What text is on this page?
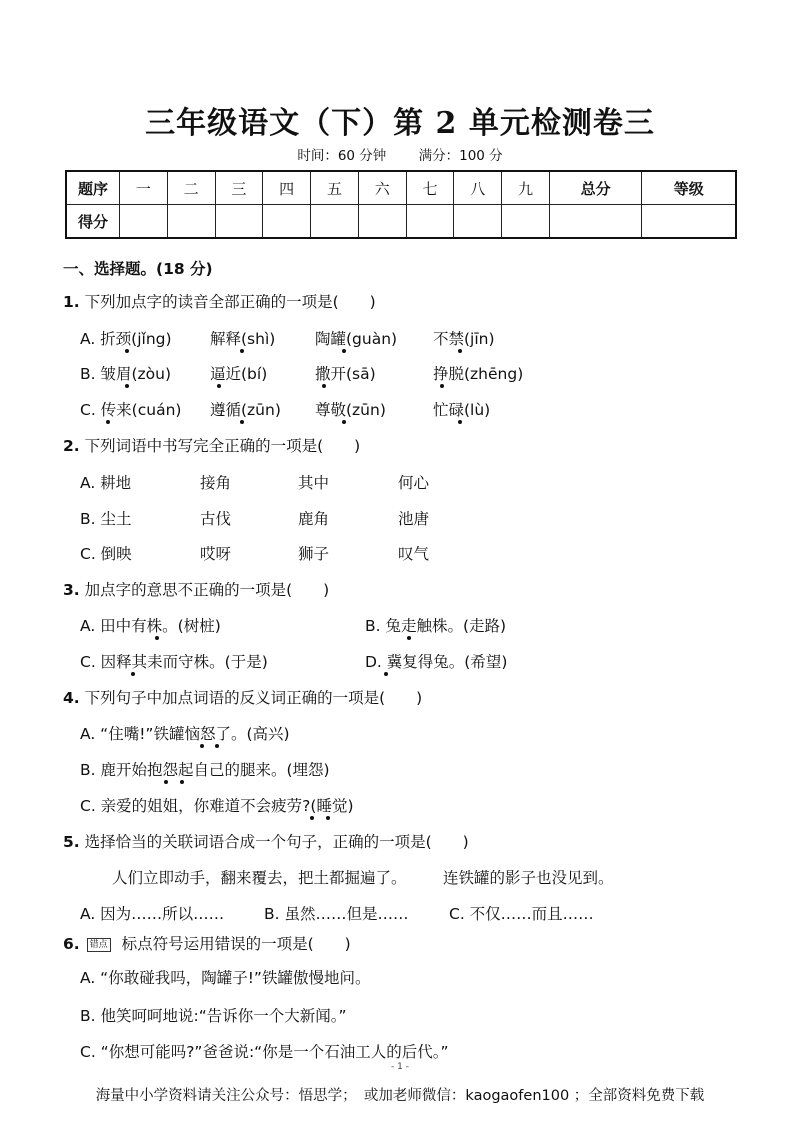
三年级语文（下）第 2 单元检测卷三
时间：60 分钟 满分：100 分
题序	一	二	三	四	五	六	七	八	九	总分	等级
得分											
一、选择题。(18 分)
1. 下列加点字的读音全部正确的一项是(　　)
A. 折颈(jǐng) 解释(shì)	陶罐(guàn) 不禁(jīn)
B. 皱眉(zòu)	逼近(bí)	撒开(sā)	挣脱(zhēng)
C. 传来(cuán) 遵循(zūn) 尊敬(zūn)	忙碌(lù)
2. 下列词语中书写完全正确的一项是(　　)
A. 耕地	接角	其中	何心
B. 尘土	古伐	鹿角	池唐
C. 倒映	哎呀	狮子	叹气
3. 加点字的意思不正确的一项是(　　)
A. 田中有株。(树桩)	B. 兔走触株。(走路)
C. 因释其耒而守株。(于是)	D. 冀复得兔。(希望)
4. 下列句子中加点词语的反义词正确的一项是(　　)
A. “住嘴!”铁罐恼怒了。(高兴)
B. 鹿开始抱怨起自己的腿来。(埋怨)
C. 亲爱的姐姐，你难道不会疲劳?(睡觉)
5. 选择恰当的关联词语合成一个句子，正确的一项是(　　)
人们立即动手，翻来覆去，把土都掘遍了。 连铁罐的影子也没见到。
A. 因为……所以……	B. 虽然……但是……	C. 不仅……而且……
6. 错点 标点符号运用错误的一项是(　　)
A. “你敢碰我吗，陶罐子!”铁罐傲慢地问。
B. 他笑呵呵地说:“告诉你一个大新闻。”
C. “你想可能吗?”爸爸说:“你是一个石油工人的后代。”
- 1 -
海量中小学资料请关注公众号：悟思学；　或加老师微信：kaogaofen100 ；全部资料免费下载
